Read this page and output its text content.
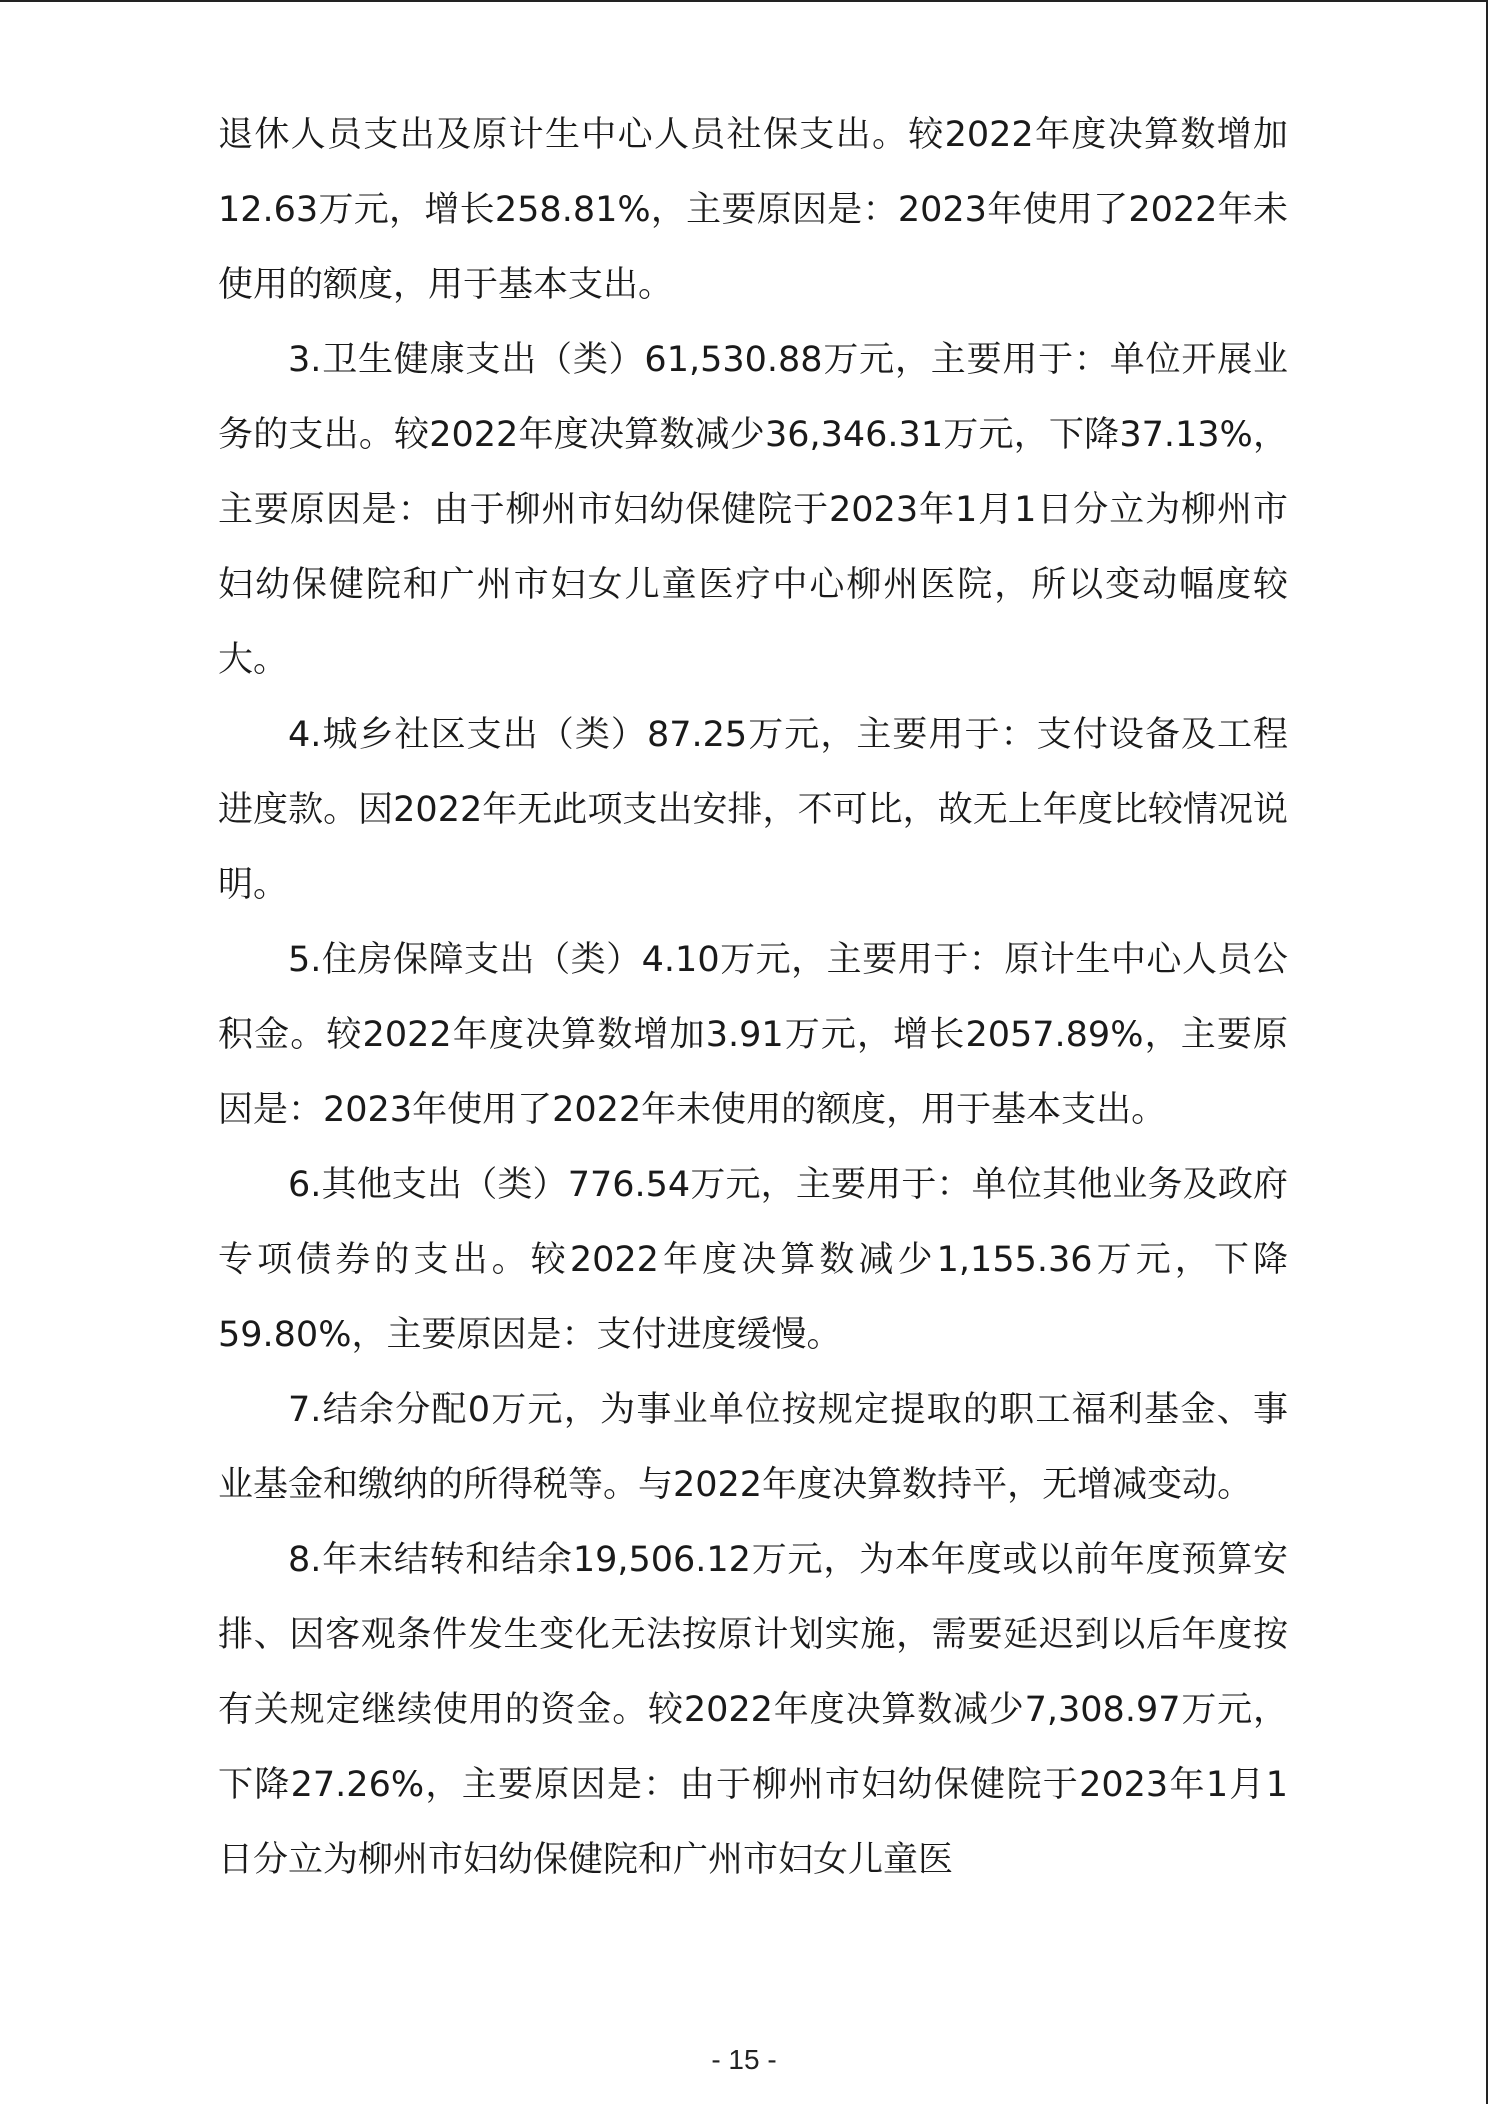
退休人员支出及原计生中心人员社保支出。较2022年度决算数增加12.63万元，增长258.81%，主要原因是：2023年使用了2022年未使用的额度，用于基本支出。

3.卫生健康支出（类）61,530.88万元，主要用于：单位开展业务的支出。较2022年度决算数减少36,346.31万元，下降37.13%，主要原因是：由于柳州市妇幼保健院于2023年1月1日分立为柳州市妇幼保健院和广州市妇女儿童医疗中心柳州医院，所以变动幅度较大。

4.城乡社区支出（类）87.25万元，主要用于：支付设备及工程进度款。因2022年无此项支出安排，不可比，故无上年度比较情况说明。

5.住房保障支出（类）4.10万元，主要用于：原计生中心人员公积金。较2022年度决算数增加3.91万元，增长2057.89%，主要原因是：2023年使用了2022年未使用的额度，用于基本支出。

6.其他支出（类）776.54万元，主要用于：单位其他业务及政府专项债券的支出。较2022年度决算数减少1,155.36万元，下降59.80%，主要原因是：支付进度缓慢。

7.结余分配0万元，为事业单位按规定提取的职工福利基金、事业基金和缴纳的所得税等。与2022年度决算数持平，无增减变动。

8.年末结转和结余19,506.12万元，为本年度或以前年度预算安排、因客观条件发生变化无法按原计划实施，需要延迟到以后年度按有关规定继续使用的资金。较2022年度决算数减少7,308.97万元，下降27.26%，主要原因是：由于柳州市妇幼保健院于2023年1月1日分立为柳州市妇幼保健院和广州市妇女儿童医

- 15 -
